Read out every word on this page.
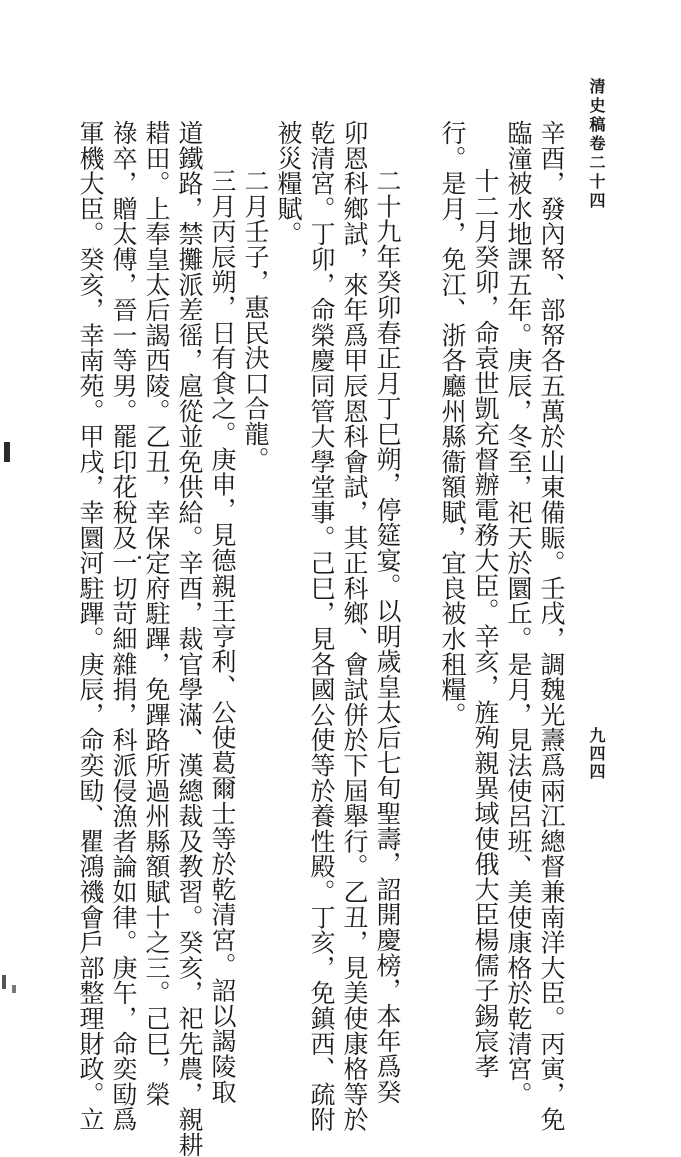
清史稿卷二十四
九四四
辛酉，發內帑、部帑各五萬於山東備賑。壬戌，調魏光燾爲兩江總督兼南洋大臣。丙寅，免
臨潼被水地課五年。庚辰，冬至，祀天於圜丘。是月，見法使呂班、美使康格於乾清宮。
十二月癸卯，命袁世凱充督辦電務大臣。辛亥，旌殉親異域使俄大臣楊儒子錫宸孝
行。是月，免江、浙各廳州縣衞額賦，宜良被水租糧。
二十九年癸卯春正月丁巳朔，停筵宴。以明歲皇太后七旬聖壽，詔開慶榜，本年爲癸
卯恩科鄉試，來年爲甲辰恩科會試，其正科鄉、會試併於下屆舉行。乙丑，見美使康格等於
乾清宮。丁卯，命榮慶同管大學堂事。己巳，見各國公使等於養性殿。丁亥，免鎮西、疏附
被災糧賦。
二月壬子，惠民決口合龍。
三月丙辰朔，日有食之。庚申，見德親王亨利、公使葛爾士等於乾清宮。詔以謁陵取
道鐵路，禁攤派差徭，扈從並免供給。辛酉，裁官學滿、漢總裁及教習。癸亥，祀先農，親耕
耤田。上奉皇太后謁西陵。乙丑，幸保定府駐蹕，免蹕路所過州縣額賦十之三。己巳，榮
祿卒，贈太傅，晉一等男。罷印花稅及一切苛細雜捐，科派侵漁者論如律。庚午，命奕劻爲
軍機大臣。癸亥，幸南苑。甲戌，幸圜河駐蹕。庚辰，命奕劻、瞿鴻禨會戶部整理財政。立
